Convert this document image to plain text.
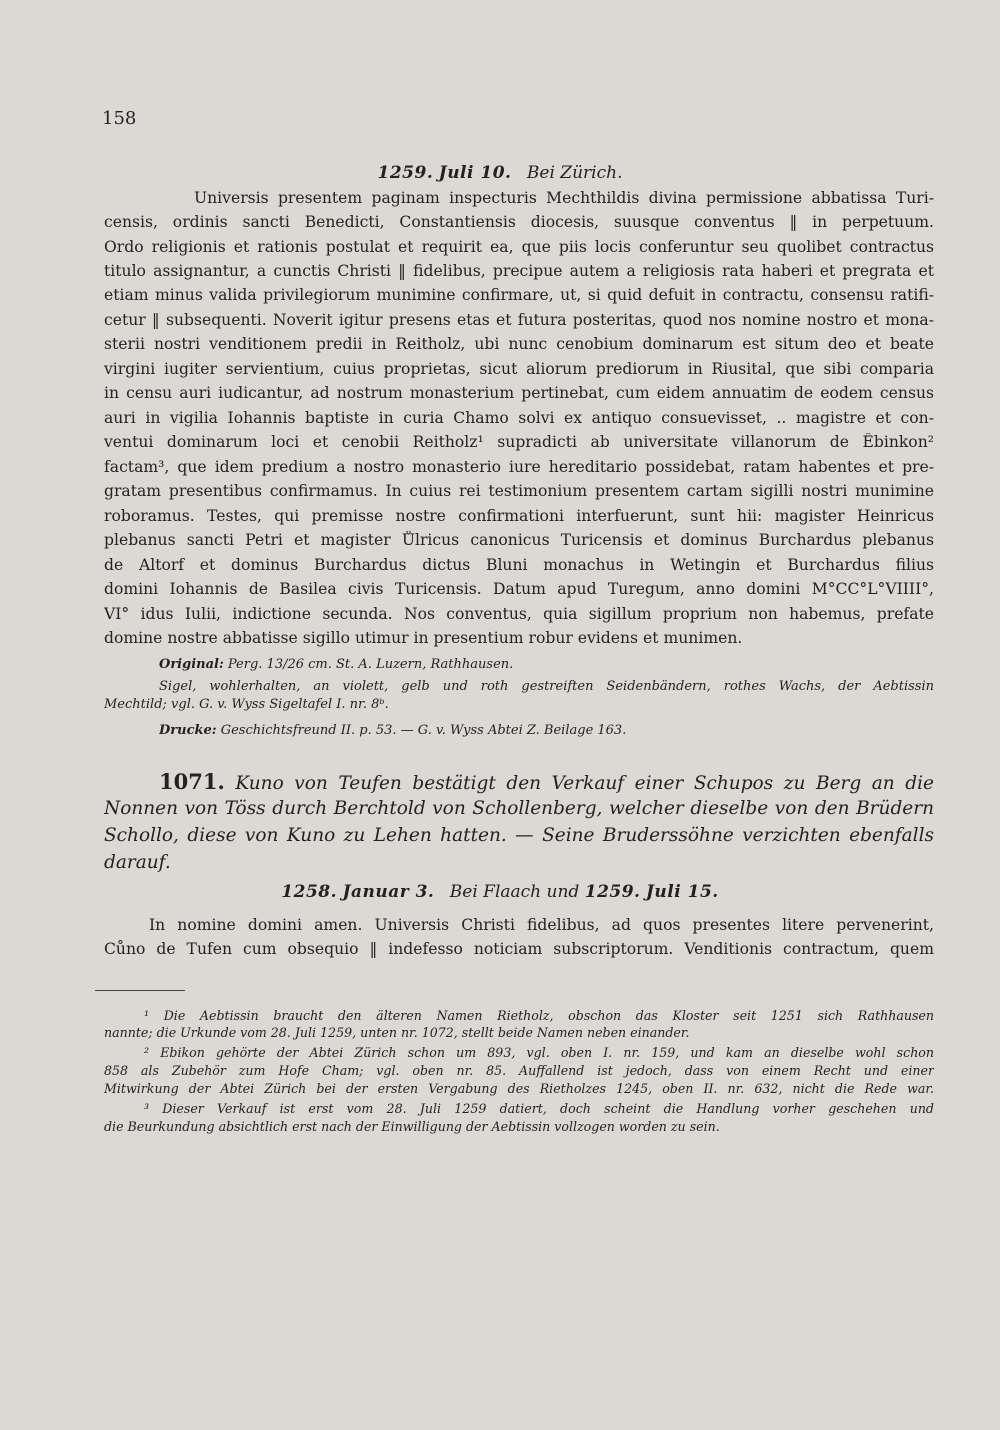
158
1259. Juli 10. Bei Zürich.
Universis presentem paginam inspecturis Mechthildis divina permissione abbatissa Turi-
censis, ordinis sancti Benedicti, Constantiensis diocesis, suusque conventus ‖ in perpetuum.
Ordo religionis et rationis postulat et requirit ea, que piis locis conferuntur seu quolibet contractus
titulo assignantur, a cunctis Christi ‖ fidelibus, precipue autem a religiosis rata haberi et pregrata et
etiam minus valida privilegiorum munimine confirmare, ut, si quid defuit in contractu, consensu ratifi-
cetur ‖ subsequenti. Noverit igitur presens etas et futura posteritas, quod nos nomine nostro et mona-
sterii nostri venditionem predii in Reitholz, ubi nunc cenobium dominarum est situm deo et beate
virgini iugiter servientium, cuius proprietas, sicut aliorum prediorum in Riusital, que sibi comparia
in censu auri iudicantur, ad nostrum monasterium pertinebat, cum eidem annuatim de eodem census
auri in vigilia Iohannis baptiste in curia Chamo solvi ex antiquo consuevisset, .. magistre et con-
ventui dominarum loci et cenobii Reitholz¹ supradicti ab universitate villanorum de Êbinkon²
factam³, que idem predium a nostro monasterio iure hereditario possidebat, ratam habentes et pre-
gratam presentibus confirmamus. In cuius rei testimonium presentem cartam sigilli nostri munimine
roboramus. Testes, qui premisse nostre confirmationi interfuerunt, sunt hii: magister Heinricus
plebanus sancti Petri et magister Ůlricus canonicus Turicensis et dominus Burchardus plebanus
de Altorf et dominus Burchardus dictus Bluni monachus in Wetingin et Burchardus filius
domini Iohannis de Basilea civis Turicensis. Datum apud Turegum, anno domini M°CC°L°VIIII°,
VI° idus Iulii, indictione secunda. Nos conventus, quia sigillum proprium non habemus, prefate
domine nostre abbatisse sigillo utimur in presentium robur evidens et munimen.
Original: Perg. 13/26 cm. St. A. Luzern, Rathhausen.
Sigel, wohlerhalten, an violett, gelb und roth gestreiften Seidenbändern, rothes Wachs, der Aebtissin
Mechtild; vgl. G. v. Wyss Sigeltafel I. nr. 8ᵇ.
Drucke: Geschichtsfreund II. p. 53. — G. v. Wyss Abtei Z. Beilage 163.
1071. Kuno von Teufen bestätigt den Verkauf einer Schupos zu Berg an die
Nonnen von Töss durch Berchtold von Schollenberg, welcher dieselbe von den Brüdern
Schollo, diese von Kuno zu Lehen hatten. — Seine Bruderssöhne verzichten ebenfalls
darauf.
1258. Januar 3. Bei Flaach und 1259. Juli 15.
In nomine domini amen. Universis Christi fidelibus, ad quos presentes litere pervenerint,
Cůno de Tufen cum obsequio ‖ indefesso noticiam subscriptorum. Venditionis contractum, quem
¹ Die Aebtissin braucht den älteren Namen Rietholz, obschon das Kloster seit 1251 sich Rathhausen
nannte; die Urkunde vom 28. Juli 1259, unten nr. 1072, stellt beide Namen neben einander.
² Ebikon gehörte der Abtei Zürich schon um 893, vgl. oben I. nr. 159, und kam an dieselbe wohl schon
858 als Zubehör zum Hofe Cham; vgl. oben nr. 85. Auffallend ist jedoch, dass von einem Recht und einer
Mitwirkung der Abtei Zürich bei der ersten Vergabung des Rietholzes 1245, oben II. nr. 632, nicht die Rede war.
³ Dieser Verkauf ist erst vom 28. Juli 1259 datiert, doch scheint die Handlung vorher geschehen und
die Beurkundung absichtlich erst nach der Einwilligung der Aebtissin vollzogen worden zu sein.
